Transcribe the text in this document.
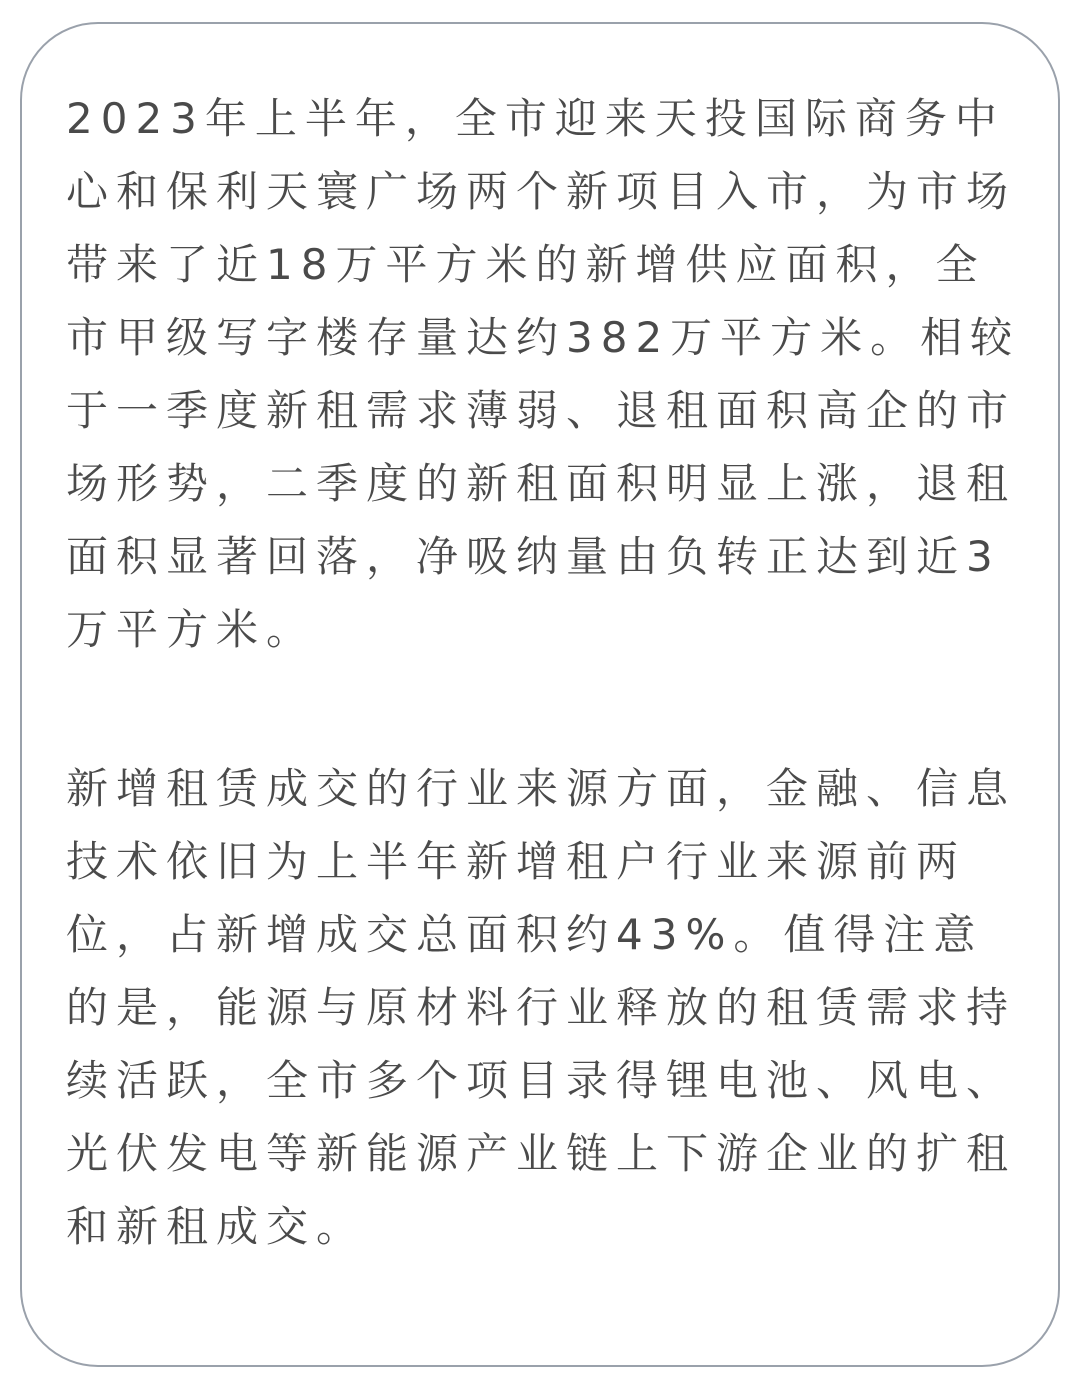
2023年上半年，全市迎来天投国际商务中心和保利天寰广场两个新项目入市，为市场带来了近18万平方米的新增供应面积，全市甲级写字楼存量达约382万平方米。相较于一季度新租需求薄弱、退租面积高企的市场形势，二季度的新租面积明显上涨，退租面积显著回落，净吸纳量由负转正达到近3万平方米。

新增租赁成交的行业来源方面，金融、信息技术依旧为上半年新增租户行业来源前两位，占新增成交总面积约43%。值得注意的是，能源与原材料行业释放的租赁需求持续活跃，全市多个项目录得锂电池、风电、光伏发电等新能源产业链上下游企业的扩租和新租成交。
